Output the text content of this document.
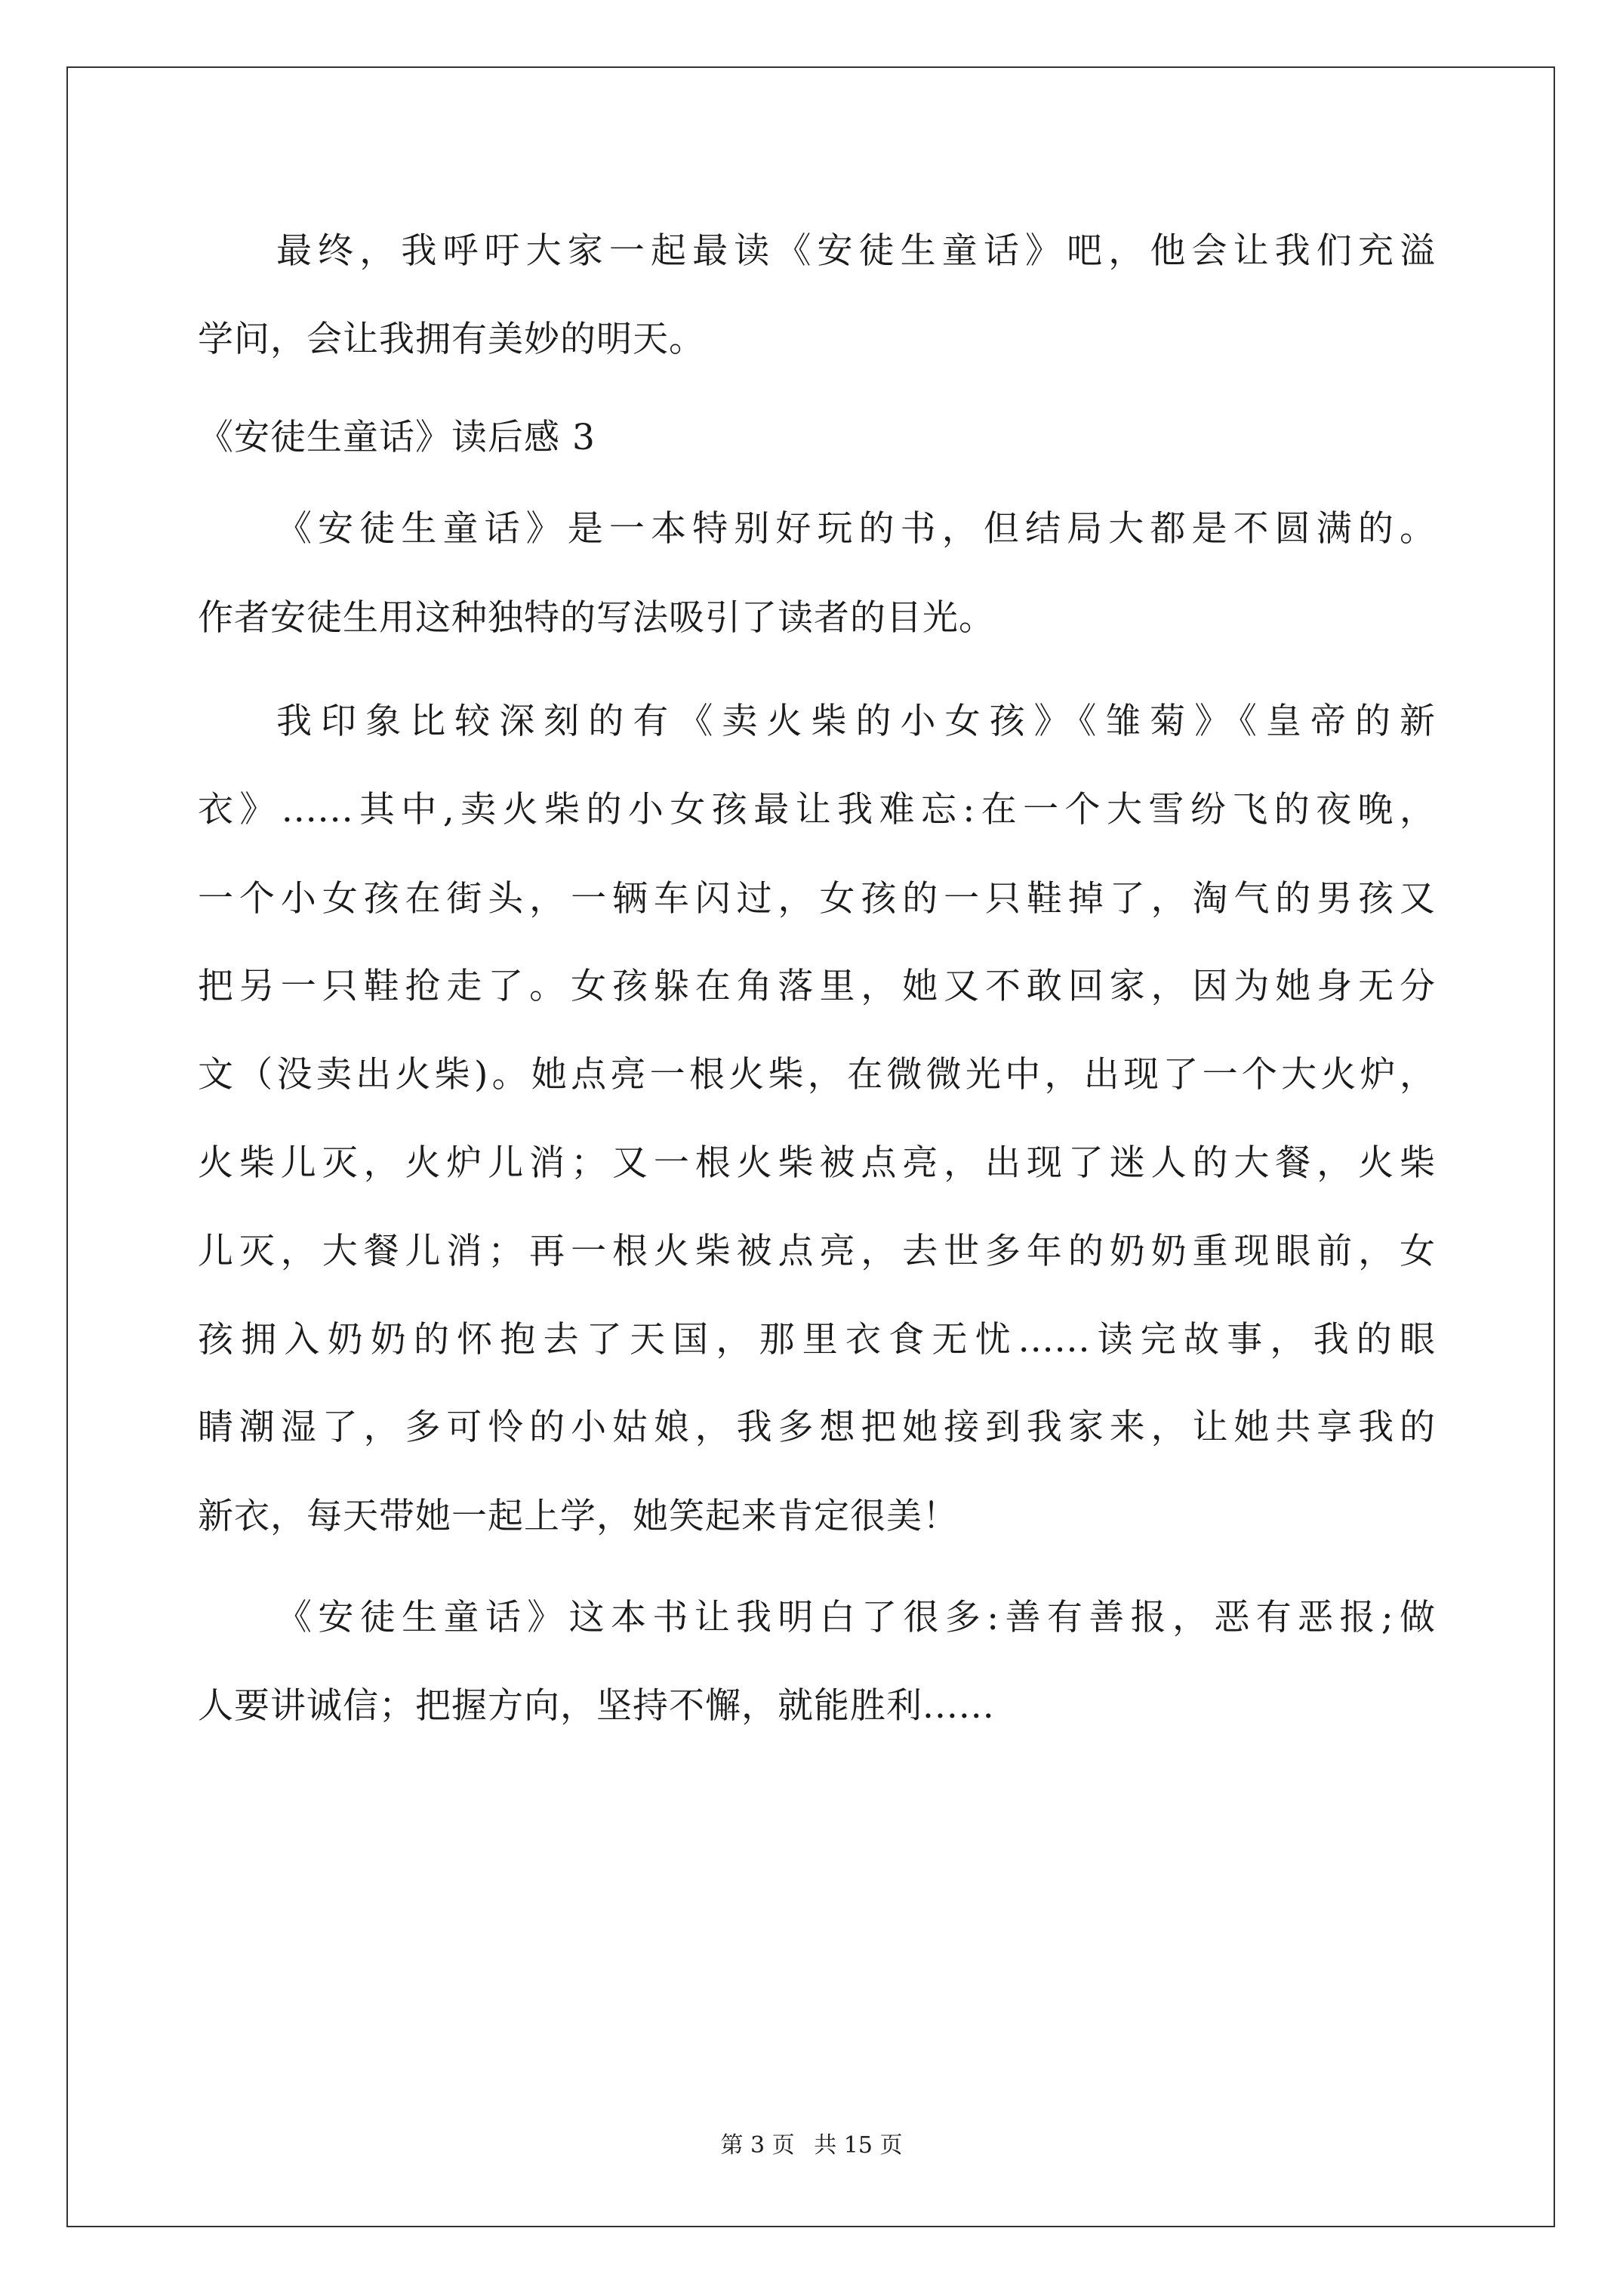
最终，我呼吁大家一起最读《安徒生童话》吧，他会让我们充溢
学问，会让我拥有美妙的明天。
《安徒生童话》读后感 3
《安徒生童话》是一本特别好玩的书，但结局大都是不圆满的。
作者安徒生用这种独特的写法吸引了读者的目光。
我印象比较深刻的有《卖火柴的小女孩》《雏菊》《皇帝的新
衣》......其中,卖火柴的小女孩最让我难忘:在一个大雪纷飞的夜晚，
一个小女孩在街头，一辆车闪过，女孩的一只鞋掉了，淘气的男孩又
把另一只鞋抢走了。女孩躲在角落里，她又不敢回家，因为她身无分
文（没卖出火柴)。她点亮一根火柴，在微微光中，出现了一个大火炉，
火柴儿灭，火炉儿消；又一根火柴被点亮，出现了迷人的大餐，火柴
儿灭，大餐儿消；再一根火柴被点亮，去世多年的奶奶重现眼前，女
孩拥入奶奶的怀抱去了天国，那里衣食无忧......读完故事，我的眼
睛潮湿了，多可怜的小姑娘，我多想把她接到我家来，让她共享我的
新衣，每天带她一起上学，她笑起来肯定很美！
《安徒生童话》这本书让我明白了很多:善有善报，恶有恶报;做
人要讲诚信；把握方向，坚持不懈，就能胜利......
第 3 页 共 15 页
